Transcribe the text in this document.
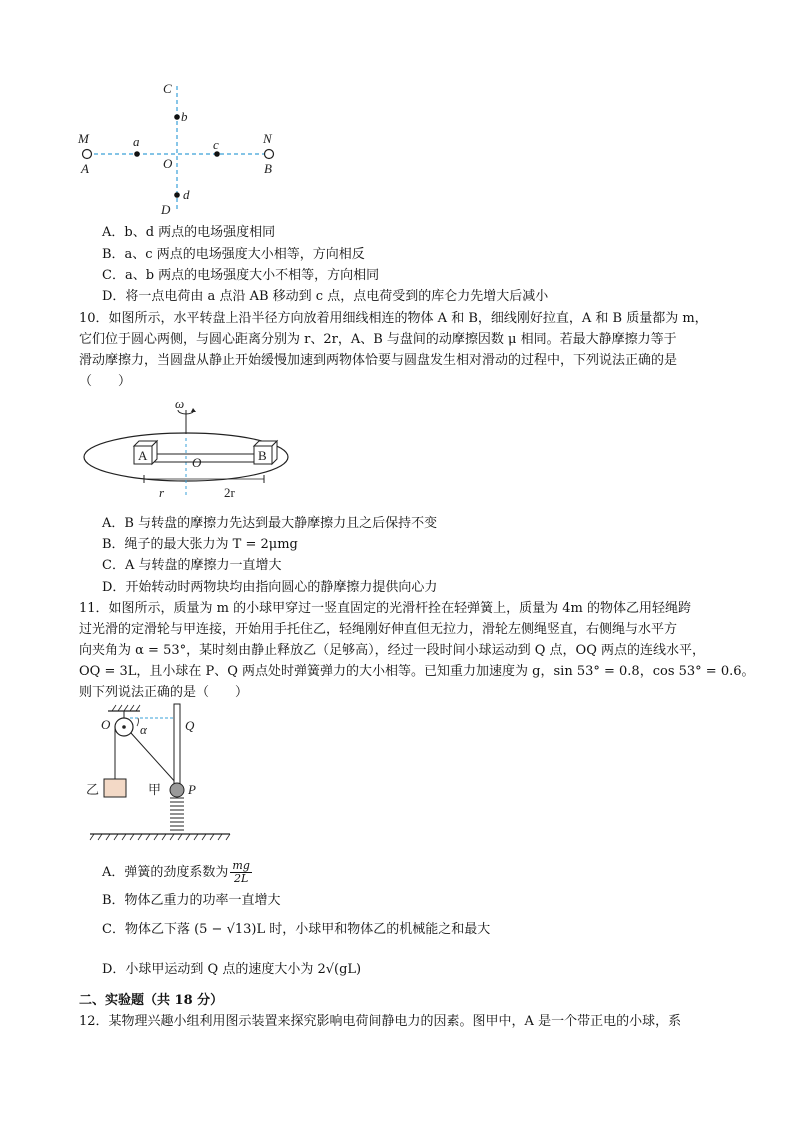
C
b
M	N
a	c
O
A	B
d
D
A．b、d 两点的电场强度相同
B．a、c 两点的电场强度大小相等，方向相反
C．a、b 两点的电场强度大小不相等，方向相同
D．将一点电荷由 a 点沿 AB 移动到 c 点，点电荷受到的库仑力先增大后减小
10．如图所示，水平转盘上沿半径方向放着用细线相连的物体 A 和 B，细线刚好拉直，A 和 B 质量都为 m，
它们位于圆心两侧，与圆心距离分别为 r、2r，A、B 与盘间的动摩擦因数 μ 相同。若最大静摩擦力等于
滑动摩擦力，当圆盘从静止开始缓慢加速到两物体恰要与圆盘发生相对滑动的过程中，下列说法正确的是
（　　）
ω
A	B
O
r	2r
A．B 与转盘的摩擦力先达到最大静摩擦力且之后保持不变
B．绳子的最大张力为 T = 2μmg
C．A 与转盘的摩擦力一直增大
D．开始转动时两物块均由指向圆心的静摩擦力提供向心力
11．如图所示，质量为 m 的小球甲穿过一竖直固定的光滑杆拴在轻弹簧上，质量为 4m 的物体乙用轻绳跨
过光滑的定滑轮与甲连接，开始用手托住乙，轻绳刚好伸直但无拉力，滑轮左侧绳竖直，右侧绳与水平方
向夹角为 α = 53°，某时刻由静止释放乙（足够高），经过一段时间小球运动到 Q 点，OQ 两点的连线水平，
OQ = 3L，且小球在 P、Q 两点处时弹簧弹力的大小相等。已知重力加速度为 g，sin 53° = 0.8，cos 53° = 0.6。
则下列说法正确的是（　　）
O	Q
α
乙	甲 P
A．弹簧的劲度系数为 $\frac{mg}{2L}$
B．物体乙重力的功率一直增大
C．物体乙下落 (5 − √13)L 时，小球甲和物体乙的机械能之和最大
D．小球甲运动到 Q 点的速度大小为 2√(gL)
二、实验题（共 18 分）
12．某物理兴趣小组利用图示装置来探究影响电荷间静电力的因素。图甲中，A 是一个带正电的小球，系
